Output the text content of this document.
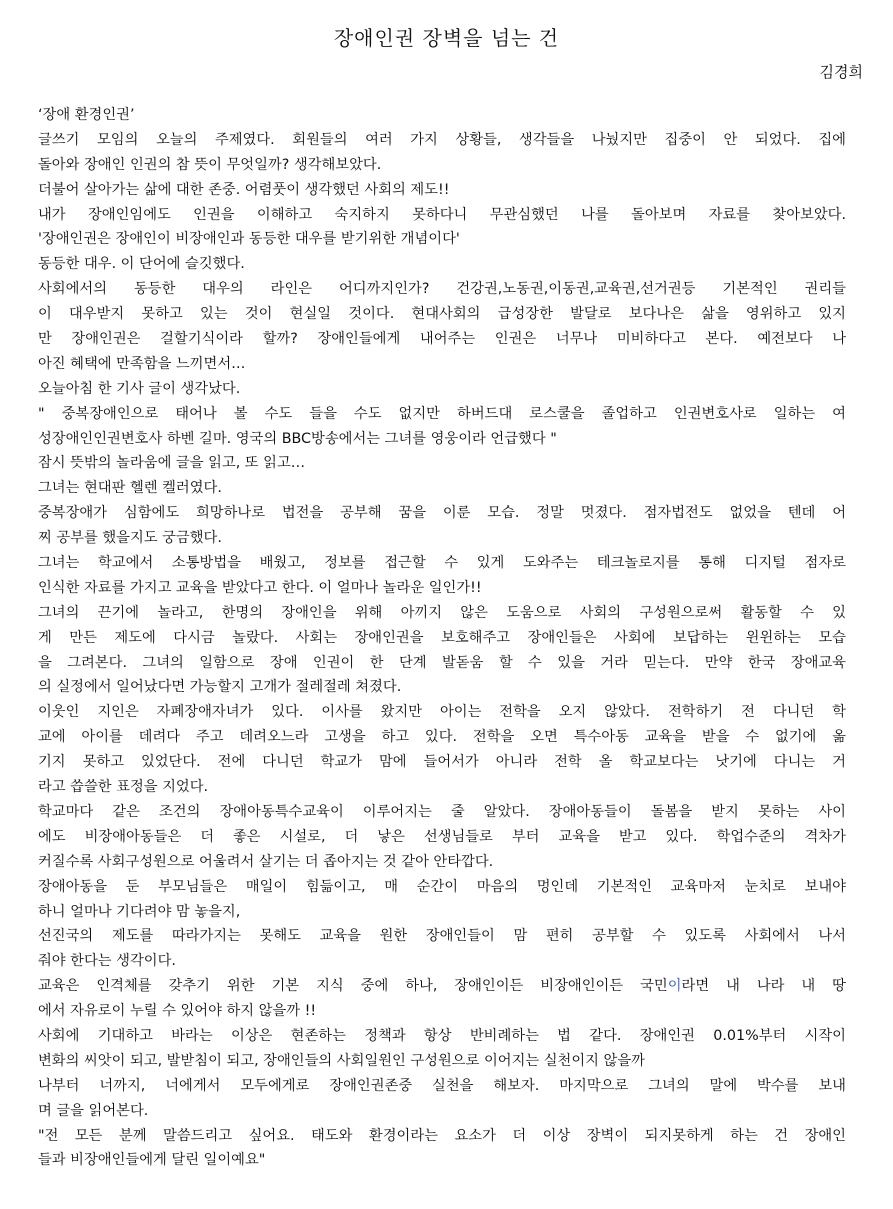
장애인권 장벽을 넘는 건
김경희
‘장애 환경인권’
글쓰기 모임의 오늘의 주제였다. 회원들의 여러 가지 상황들, 생각들을 나눴지만 집중이 안 되었다. 집에
돌아와 장애인 인권의 참 뜻이 무엇일까? 생각해보았다.
더불어 살아가는 삶에 대한 존중. 어렴풋이 생각했던 사회의 제도!!
내가 장애인임에도 인권을 이해하고 숙지하지 못하다니 무관심했던 나를 돌아보며 자료를 찾아보았다.
'장애인권은 장애인이 비장애인과 동등한 대우를 받기위한 개념이다'
동등한 대우. 이 단어에 슬깃했다.
사회에서의 동등한 대우의 라인은 어디까지인가? 건강권,노동권,이동권,교육권,선거권등 기본적인 권리들
이 대우받지 못하고 있는 것이 현실일 것이다. 현대사회의 급성장한 발달로 보다나은 삶을 영위하고 있지
만 장애인권은 걸할기식이라 할까? 장애인들에게 내어주는 인권은 너무나 미비하다고 본다. 예전보다 나
아진 혜택에 만족함을 느끼면서…
오늘아침 한 기사 글이 생각났다.
" 중복장애인으로 태어나 볼 수도 들을 수도 없지만 하버드대 로스쿨을 졸업하고 인권변호사로 일하는 여
성장애인인권변호사 하벤 길마. 영국의 BBC방송에서는 그녀를 영웅이라 언급했다 "
잠시 뜻밖의 놀라움에 글을 읽고, 또 읽고…
그녀는 현대판 헬렌 켈러였다.
중복장애가 심함에도 희망하나로 법전을 공부해 꿈을 이룬 모습. 정말 멋졌다. 점자법전도 없었을 텐데 어
찌 공부를 했을지도 궁금했다.
그녀는 학교에서 소통방법을 배웠고, 정보를 접근할 수 있게 도와주는 테크놀로지를 통해 디지털 점자로
인식한 자료를 가지고 교육을 받았다고 한다. 이 얼마나 놀라운 일인가!!
그녀의 끈기에 놀라고, 한명의 장애인을 위해 아끼지 않은 도움으로 사회의 구성원으로써 활동할 수 있
게 만든 제도에 다시금 놀랐다. 사회는 장애인권을 보호해주고 장애인들은 사회에 보답하는 윈윈하는 모습
을 그려본다. 그녀의 일함으로 장애 인권이 한 단계 발돋움 할 수 있을 거라 믿는다. 만약 한국 장애교육
의 실정에서 일어났다면 가능할지 고개가 절레절레 쳐졌다.
이웃인 지인은 자폐장애자녀가 있다. 이사를 왔지만 아이는 전학을 오지 않았다. 전학하기 전 다니던 학
교에 아이를 데려다 주고 데려오느라 고생을 하고 있다. 전학을 오면 특수아동 교육을 받을 수 없기에 옮
기지 못하고 있었단다. 전에 다니던 학교가 맘에 들어서가 아니라 전학 올 학교보다는 낫기에 다니는 거
라고 씁쓸한 표정을 지었다.
학교마다 같은 조건의 장애아동특수교육이 이루어지는 줄 알았다. 장애아동들이 돌봄을 받지 못하는 사이
에도 비장애아동들은 더 좋은 시설로, 더 낳은 선생님들로 부터 교육을 받고 있다. 학업수준의 격차가
커질수록 사회구성원으로 어울려서 살기는 더 좁아지는 것 같아 안타깝다.
장애아동을 둔 부모님들은 매일이 힘듦이고, 매 순간이 마음의 멍인데 기본적인 교육마저 눈치로 보내야
하니 얼마나 기다려야 맘 놓을지,
선진국의 제도를 따라가지는 못해도 교육을 원한 장애인들이 맘 편히 공부할 수 있도록 사회에서 나서
줘야 한다는 생각이다.
교육은 인격체를 갖추기 위한 기본 지식 중에 하나, 장애인이든 비장애인이든 국민이라면 내 나라 내 땅
에서 자유로이 누릴 수 있어야 하지 않을까 !!
사회에 기대하고 바라는 이상은 현존하는 정책과 항상 반비례하는 법 같다. 장애인권 0.01%부터 시작이
변화의 씨앗이 되고, 발받침이 되고, 장애인들의 사회일원인 구성원으로 이어지는 실천이지 않을까
나부터 너까지, 너에게서 모두에게로 장애인권존중 실천을 해보자. 마지막으로 그녀의 말에 박수를 보내
며 글을 읽어본다.
"전 모든 분께 말씀드리고 싶어요. 태도와 환경이라는 요소가 더 이상 장벽이 되지못하게 하는 건 장애인
들과 비장애인들에게 달린 일이예요"
